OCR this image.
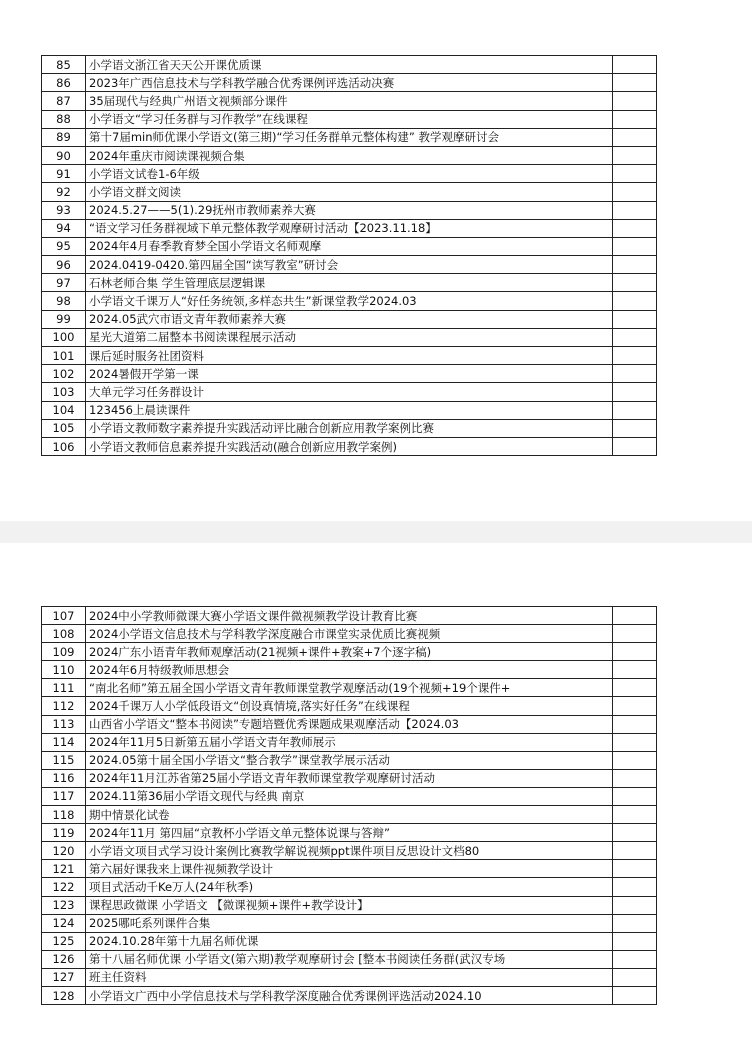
85	小学语文浙江省天天公开课优质课	
86	2023年广西信息技术与学科教学融合优秀课例评选活动决赛	
87	35届现代与经典广州语文视频部分课件	
88	小学语文“学习任务群与习作教学”在线课程	
89	第十7届min师优课小学语文(第三期)“学习任务群单元整体构建” 教学观摩研讨会	
90	2024年重庆市阅读课视频合集	
91	小学语文试卷1-6年级	
92	小学语文群文阅读	
93	2024.5.27——5(1).29抚州市教师素养大赛	
94	“语文学习任务群视域下单元整体教学观摩研讨活动【2023.11.18】	
95	2024年4月春季教育梦全国小学语文名师观摩	
96	2024.0419-0420.第四届全国“读写教室”研讨会	
97	石林老师合集 学生管理底层逻辑课	
98	小学语文千课万人“好任务统领,多样态共生”新课堂教学2024.03	
99	2024.05武穴市语文青年教师素养大赛	
100	星光大道第二届整本书阅读课程展示活动	
101	课后延时服务社团资料	
102	2024暑假开学第一课	
103	大单元学习任务群设计	
104	123456上晨读课件	
105	小学语文教师数字素养提升实践活动评比融合创新应用教学案例比赛	
106	小学语文教师信息素养提升实践活动(融合创新应用教学案例)	
107	2024中小学教师微课大赛小学语文课件微视频教学设计教育比赛	
108	2024小学语文信息技术与学科教学深度融合市课堂实录优质比赛视频	
109	2024广东小语青年教师观摩活动(21视频+课件+教案+7个逐字稿)	
110	2024年6月特级教师思想会	
111	“南北名师”第五届全国小学语文青年教师课堂教学观摩活动(19个视频+19个课件+	
112	2024千课万人小学低段语文“创设真情境,落实好任务”在线课程	
113	山西省小学语文“整本书阅读”专题培暨优秀课题成果观摩活动【2024.03	
114	2024年11月5日新第五届小学语文青年教师展示	
115	2024.05第十届全国小学语文“整合教学”课堂教学展示活动	
116	2024年11月江苏省第25届小学语文青年教师课堂教学观摩研讨活动	
117	2024.11第36届小学语文现代与经典 南京	
118	期中情景化试卷	
119	2024年11月 第四届“京教杯小学语文单元整体说课与答辩”	
120	小学语文项目式学习设计案例比赛教学解说视频ppt课件项目反思设计文档80	
121	第六届好课我来上课件视频教学设计	
122	项目式活动千Ke万人(24年秋季)	
123	课程思政微课 小学语文 【微课视频+课件+教学设计】	
124	2025哪吒系列课件合集	
125	2024.10.28年第十九届名师优课	
126	第十八届名师优课 小学语文(第六期)教学观摩研讨会 [整本书阅读任务群(武汉专场	
127	班主任资料	
128	小学语文广西中小学信息技术与学科教学深度融合优秀课例评选活动2024.10	
